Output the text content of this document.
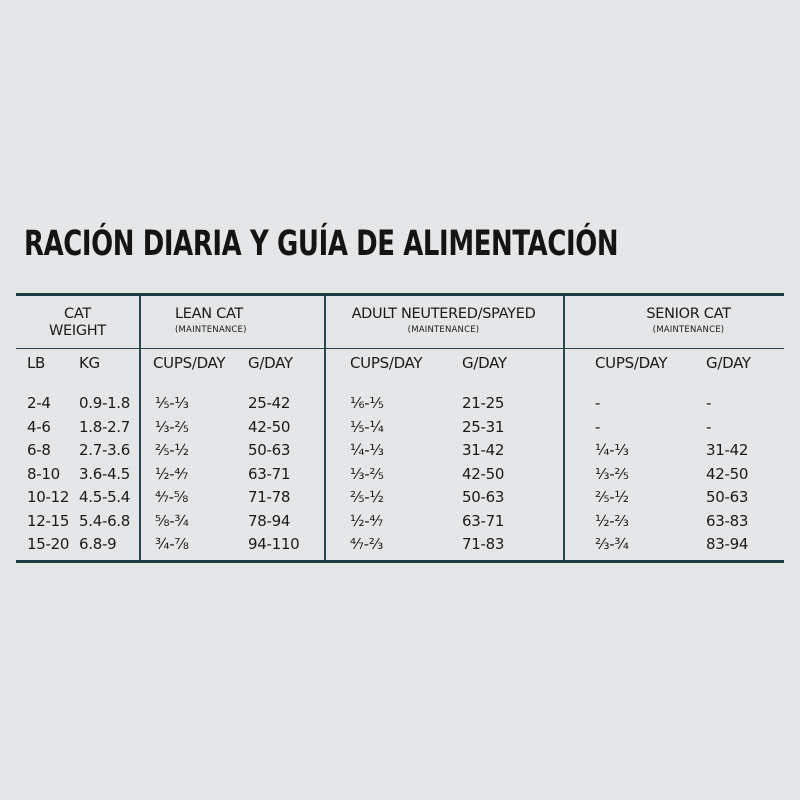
RACIÓN DIARIA Y GUÍA DE ALIMENTACIÓN
CAT
WEIGHT
LEAN CAT
(MAINTENANCE)
ADULT NEUTERED/SPAYED
(MAINTENANCE)
SENIOR CAT
(MAINTENANCE)
LB KG	CUPS/DAY G/DAY	CUPS/DAY	G/DAY	CUPS/DAY	G/DAY
2-4 0.9-1.8 ⅕-⅓	25-42	⅙-⅕	21-25	-	-
4-6 1.8-2.7 ⅓-⅖	42-50	⅕-¼	25-31	-	-
6-8 2.7-3.6 ⅖-½	50-63	¼-⅓	31-42	¼-⅓	31-42
8-10 3.6-4.5 ½-⁴⁄₇	63-71	⅓-⅖	42-50	⅓-⅖	42-50
10-12 4.5-5.4 ⁴⁄₇-⅝	71-78	⅖-½	50-63	⅖-½	50-63
12-15 5.4-6.8 ⅝-¾	78-94	½-⁴⁄₇	63-71	½-⅔	63-83
15-20 6.8-9	¾-⅞	94-110	⁴⁄₇-⅔	71-83	⅔-¾	83-94
